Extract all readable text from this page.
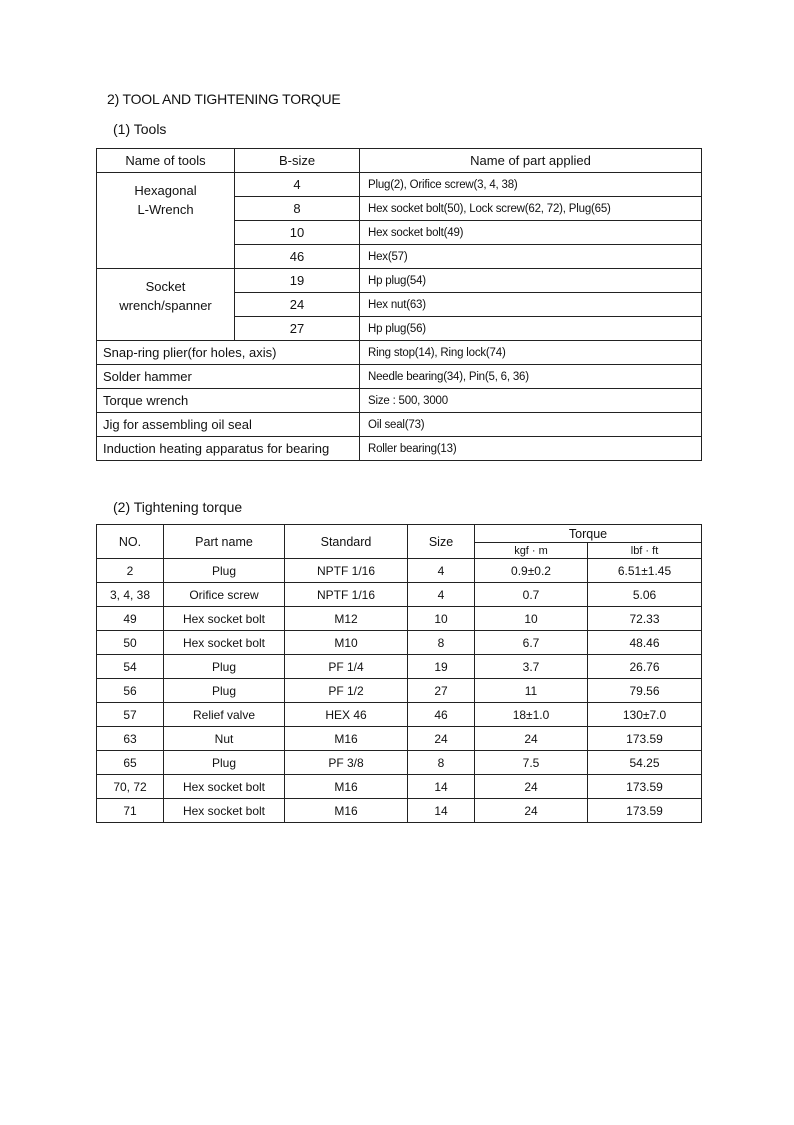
2) TOOL AND TIGHTENING TORQUE
(1) Tools
Name of tools	B-size	Name of part applied
Hexagonal
L-Wrench	4	Plug(2), Orifice screw(3, 4, 38)
	8	Hex socket bolt(50), Lock screw(62, 72), Plug(65)
	10	Hex socket bolt(49)
	46	Hex(57)
Socket
wrench/spanner	19	Hp plug(54)
	24	Hex nut(63)
	27	Hp plug(56)
Snap-ring plier(for holes, axis)		Ring stop(14), Ring lock(74)
Solder hammer		Needle bearing(34), Pin(5, 6, 36)
Torque wrench		Size : 500, 3000
Jig for assembling oil seal		Oil seal(73)
Induction heating apparatus for bearing		Roller bearing(13)
(2) Tightening torque
NO.	Part name	Standard	Size	Torque	
				kgf · m	lbf · ft
2	Plug	NPTF 1/16	4	0.9±0.2	6.51±1.45
3, 4, 38	Orifice screw	NPTF 1/16	4	0.7	5.06
49	Hex socket bolt	M12	10	10	72.33
50	Hex socket bolt	M10	8	6.7	48.46
54	Plug	PF 1/4	19	3.7	26.76
56	Plug	PF 1/2	27	11	79.56
57	Relief valve	HEX 46	46	18±1.0	130±7.0
63	Nut	M16	24	24	173.59
65	Plug	PF 3/8	8	7.5	54.25
70, 72	Hex socket bolt	M16	14	24	173.59
71	Hex socket bolt	M16	14	24	173.59
